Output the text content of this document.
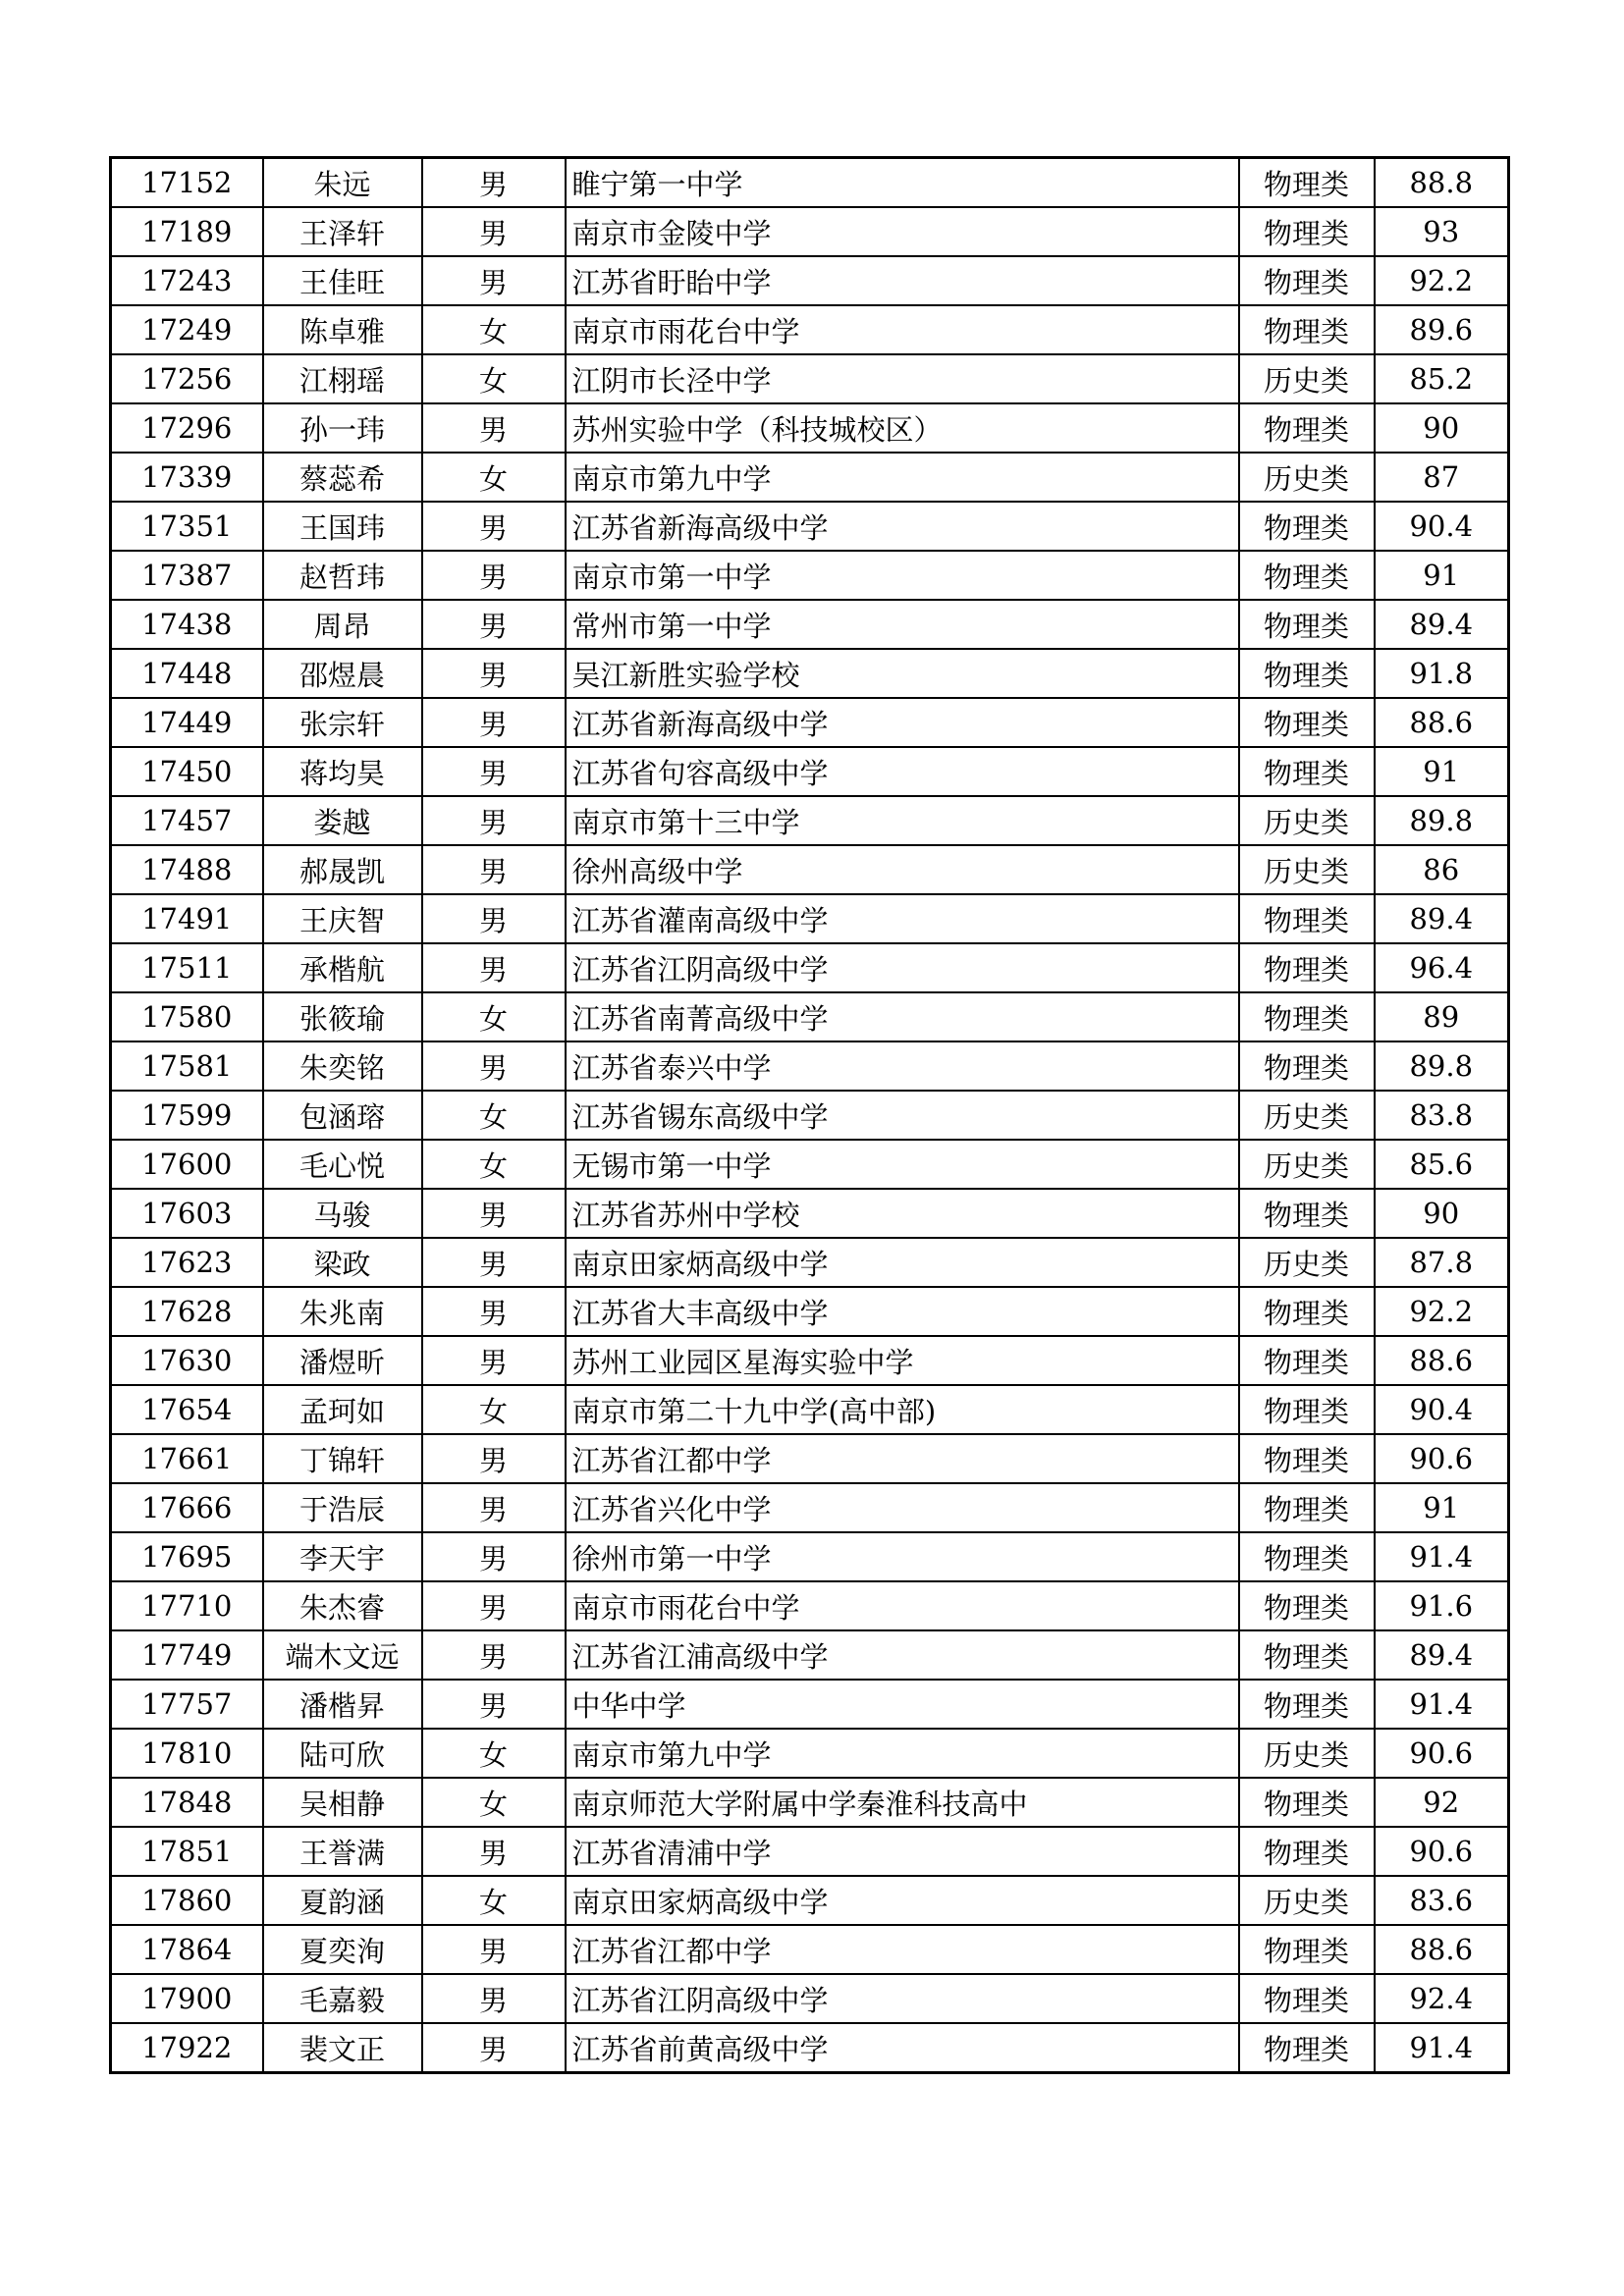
17152	朱远	男	睢宁第一中学	物理类	88.8
17189	王泽轩	男	南京市金陵中学	物理类	93
17243	王佳旺	男	江苏省盱眙中学	物理类	92.2
17249	陈卓雅	女	南京市雨花台中学	物理类	89.6
17256	江栩瑶	女	江阴市长泾中学	历史类	85.2
17296	孙一玮	男	苏州实验中学（科技城校区）	物理类	90
17339	蔡蕊希	女	南京市第九中学	历史类	87
17351	王国玮	男	江苏省新海高级中学	物理类	90.4
17387	赵哲玮	男	南京市第一中学	物理类	91
17438	周昂	男	常州市第一中学	物理类	89.4
17448	邵煜晨	男	吴江新胜实验学校	物理类	91.8
17449	张宗轩	男	江苏省新海高级中学	物理类	88.6
17450	蒋均昊	男	江苏省句容高级中学	物理类	91
17457	娄越	男	南京市第十三中学	历史类	89.8
17488	郝晟凯	男	徐州高级中学	历史类	86
17491	王庆智	男	江苏省灌南高级中学	物理类	89.4
17511	承楷航	男	江苏省江阴高级中学	物理类	96.4
17580	张筱瑜	女	江苏省南菁高级中学	物理类	89
17581	朱奕铭	男	江苏省泰兴中学	物理类	89.8
17599	包涵瑢	女	江苏省锡东高级中学	历史类	83.8
17600	毛心悦	女	无锡市第一中学	历史类	85.6
17603	马骏	男	江苏省苏州中学校	物理类	90
17623	梁政	男	南京田家炳高级中学	历史类	87.8
17628	朱兆南	男	江苏省大丰高级中学	物理类	92.2
17630	潘煜昕	男	苏州工业园区星海实验中学	物理类	88.6
17654	孟珂如	女	南京市第二十九中学(高中部)	物理类	90.4
17661	丁锦轩	男	江苏省江都中学	物理类	90.6
17666	于浩辰	男	江苏省兴化中学	物理类	91
17695	李天宇	男	徐州市第一中学	物理类	91.4
17710	朱杰睿	男	南京市雨花台中学	物理类	91.6
17749	端木文远	男	江苏省江浦高级中学	物理类	89.4
17757	潘楷昇	男	中华中学	物理类	91.4
17810	陆可欣	女	南京市第九中学	历史类	90.6
17848	吴相静	女	南京师范大学附属中学秦淮科技高中	物理类	92
17851	王誉满	男	江苏省清浦中学	物理类	90.6
17860	夏韵涵	女	南京田家炳高级中学	历史类	83.6
17864	夏奕洵	男	江苏省江都中学	物理类	88.6
17900	毛嘉毅	男	江苏省江阴高级中学	物理类	92.4
17922	裴文正	男	江苏省前黄高级中学	物理类	91.4
